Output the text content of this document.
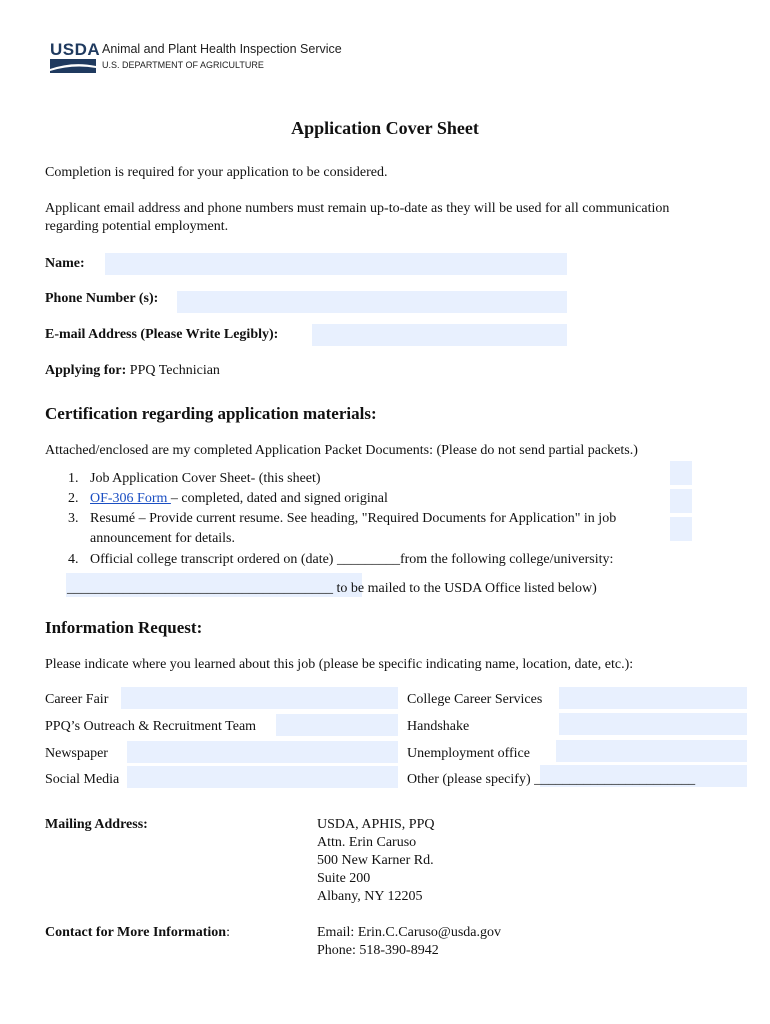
USDA Animal and Plant Health Inspection Service
U.S. DEPARTMENT OF AGRICULTURE
Application Cover Sheet
Completion is required for your application to be considered.
Applicant email address and phone numbers must remain up-to-date as they will be used for all communication
regarding potential employment.
Name:
Phone Number (s):
E-mail Address (Please Write Legibly):
Applying for: PPQ Technician
Certification regarding application materials:
Attached/enclosed are my completed Application Packet Documents: (Please do not send partial packets.)
1. Job Application Cover Sheet- (this sheet)
2. OF-306 Form – completed, dated and signed original
3. Resumé – Provide current resume. See heading, "Required Documents for Application" in job
announcement for details.
4. Official college transcript ordered on (date) _________from the following college/university:
______________________________________ to be mailed to the USDA Office listed below)
Information Request:
Please indicate where you learned about this job (please be specific indicating name, location, date, etc.):
Career Fair
PPQ’s Outreach & Recruitment Team
Newspaper
Social Media
College Career Services
Handshake
Unemployment office
Other (please specify) _______________________
Mailing Address:	USDA, APHIS, PPQ
Attn. Erin Caruso
500 New Karner Rd.
Suite 200
Albany, NY 12205
Contact for More Information:	Email: Erin.C.Caruso@usda.gov
Phone: 518-390-8942
